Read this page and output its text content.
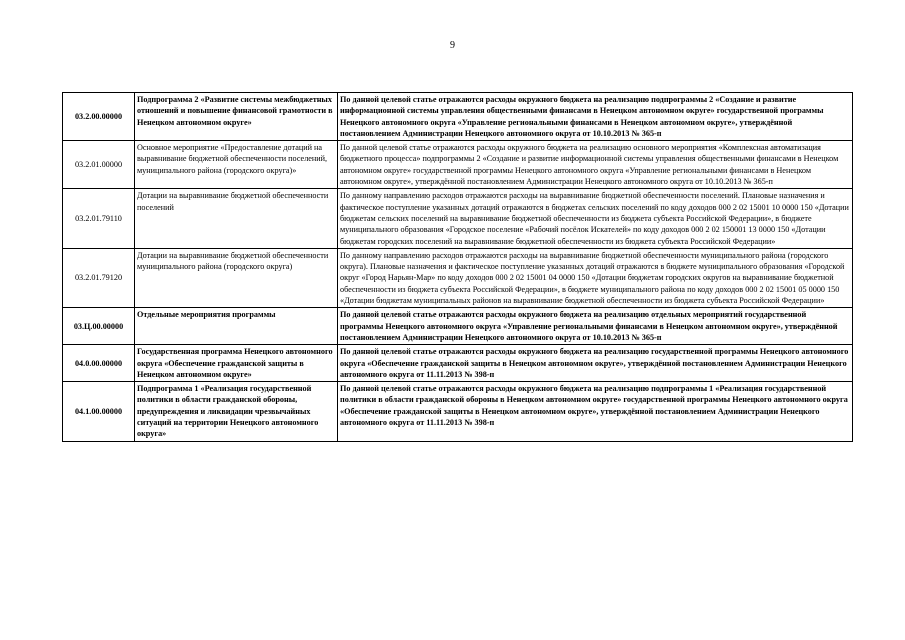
9
03.2.00.00000	Подпрограмма 2 «Развитие системы межбюджетных отношений и повышение финансовой грамотности в Ненецком автономном округе»	По данной целевой статье отражаются расходы окружного бюджета на реализацию подпрограммы 2 «Создание и развитие информационной системы управления общественными финансами в Ненецком автономном округе» государственной программы Ненецкого автономного округа «Управление региональными финансами в Ненецком автономном округе», утверждённой постановлением Администрации Ненецкого автономного округа от 10.10.2013 № 365-п
03.2.01.00000	Основное мероприятие «Предоставление дотаций на выравнивание бюджетной обеспеченности поселений, муниципального района (городского округа)»	По данной целевой статье отражаются расходы окружного бюджета на реализацию основного мероприятия «Комплексная автоматизация бюджетного процесса» подпрограммы 2 «Создание и развитие информационной системы управления общественными финансами в Ненецком автономном округе» государственной программы Ненецкого автономного округа «Управление региональными финансами в Ненецком автономном округе», утверждённой постановлением Администрации Ненецкого автономного округа от 10.10.2013 № 365-п
03.2.01.79110	Дотации на выравнивание бюджетной обеспеченности поселений	По данному направлению расходов отражаются расходы на выравнивание бюджетной обеспеченности поселений. Плановые назначения и фактическое поступление указанных дотаций отражаются в бюджетах сельских поселений по коду доходов 000 2 02 15001 10 0000 150 «Дотации бюджетам сельских поселений на выравнивание бюджетной обеспеченности из бюджета субъекта Российской Федерации», в бюджете муниципального образования «Городское поселение «Рабочий посёлок Искателей» по коду доходов 000 2 02 150001 13 0000 150 «Дотации бюджетам городских поселений на выравнивание бюджетной обеспеченности из бюджета субъекта Российской Федерации»
03.2.01.79120	Дотации на выравнивание бюджетной обеспеченности муниципального района (городского округа)	По данному направлению расходов отражаются расходы на выравнивание бюджетной обеспеченности муниципального района (городского округа). Плановые назначения и фактическое поступление указанных дотаций отражаются в бюджете муниципального образования «Городской округ «Город Нарьян-Мар» по коду доходов 000 2 02 15001 04 0000 150 «Дотации бюджетам городских округов на выравнивание бюджетной обеспеченности из бюджета субъекта Российской Федерации», в бюджете муниципального района по коду доходов 000 2 02 15001 05 0000 150 «Дотации бюджетам муниципальных районов на выравнивание бюджетной обеспеченности из бюджета субъекта Российской Федерации»
03.Ц.00.00000	Отдельные мероприятия программы	По данной целевой статье отражаются расходы окружного бюджета на реализацию отдельных мероприятий государственной программы Ненецкого автономного округа «Управление региональными финансами в Ненецком автономном округе», утверждённой постановлением Администрации Ненецкого автономного округа от 10.10.2013 № 365-п
04.0.00.00000	Государственная программа Ненецкого автономного округа «Обеспечение гражданской защиты в Ненецком автономном округе»	По данной целевой статье отражаются расходы окружного бюджета на реализацию государственной программы Ненецкого автономного округа «Обеспечение гражданской защиты в Ненецком автономном округе», утверждённой постановлением Администрации Ненецкого автономного округа от 11.11.2013 № 398-п
04.1.00.00000	Подпрограмма 1 «Реализация государственной политики в области гражданской обороны, предупреждения и ликвидации чрезвычайных ситуаций на территории Ненецкого автономного округа»	По данной целевой статье отражаются расходы окружного бюджета на реализацию подпрограммы 1 «Реализация государственной политики в области гражданской обороны в Ненецком автономном округе» государственной программы Ненецкого автономного округа «Обеспечение гражданской защиты в Ненецком автономном округе», утверждённой постановлением Администрации Ненецкого автономного округа от 11.11.2013 № 398-п
